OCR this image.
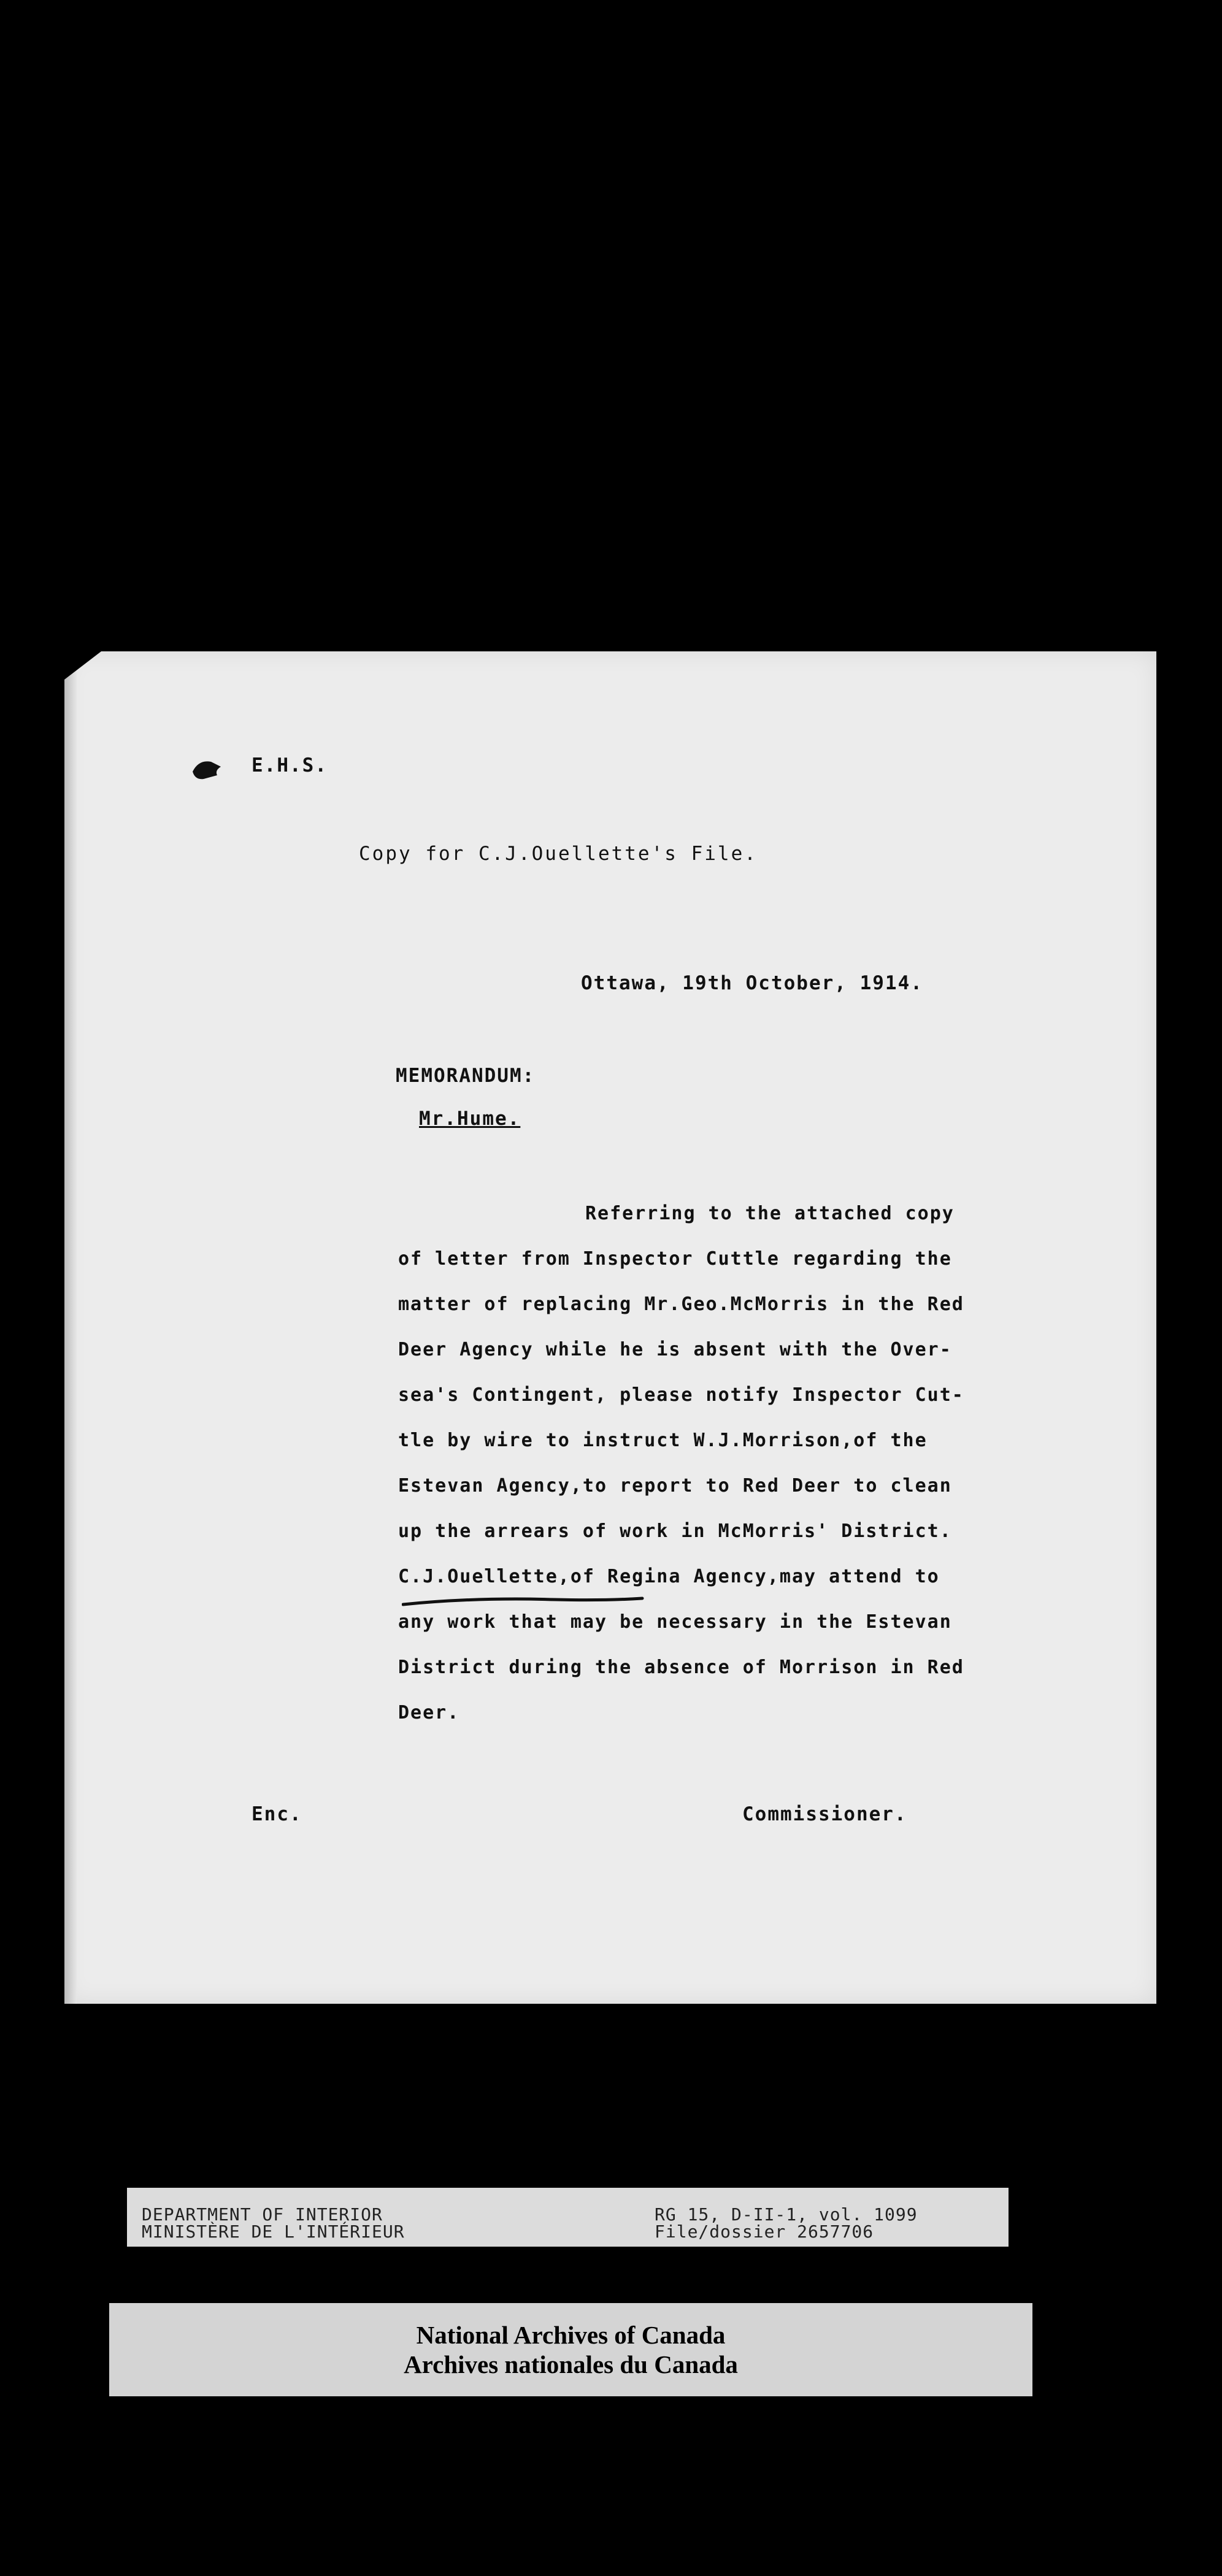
E.H.S.
Copy for C.J.Ouellette's File.
Ottawa, 19th October, 1914.
MEMORANDUM:
Mr.Hume.
Referring to the attached copy
of letter from Inspector Cuttle regarding the
matter of replacing Mr.Geo.McMorris in the Red
Deer Agency while he is absent with the Over-
sea's Contingent, please notify Inspector Cut-
tle by wire to instruct W.J.Morrison,of the
Estevan Agency,to report to Red Deer to clean
up the arrears of work in McMorris' District.
C.J.Ouellette,of Regina Agency,may attend to
any work that may be necessary in the Estevan
District during the absence of Morrison in Red
Deer.
Enc.	Commissioner.
DEPARTMENT OF INTERIOR
MINISTÈRE DE L'INTÉRIEUR
RG 15, D-II-1, vol. 1099
File/dossier 2657706
National Archives of Canada
Archives nationales du Canada
